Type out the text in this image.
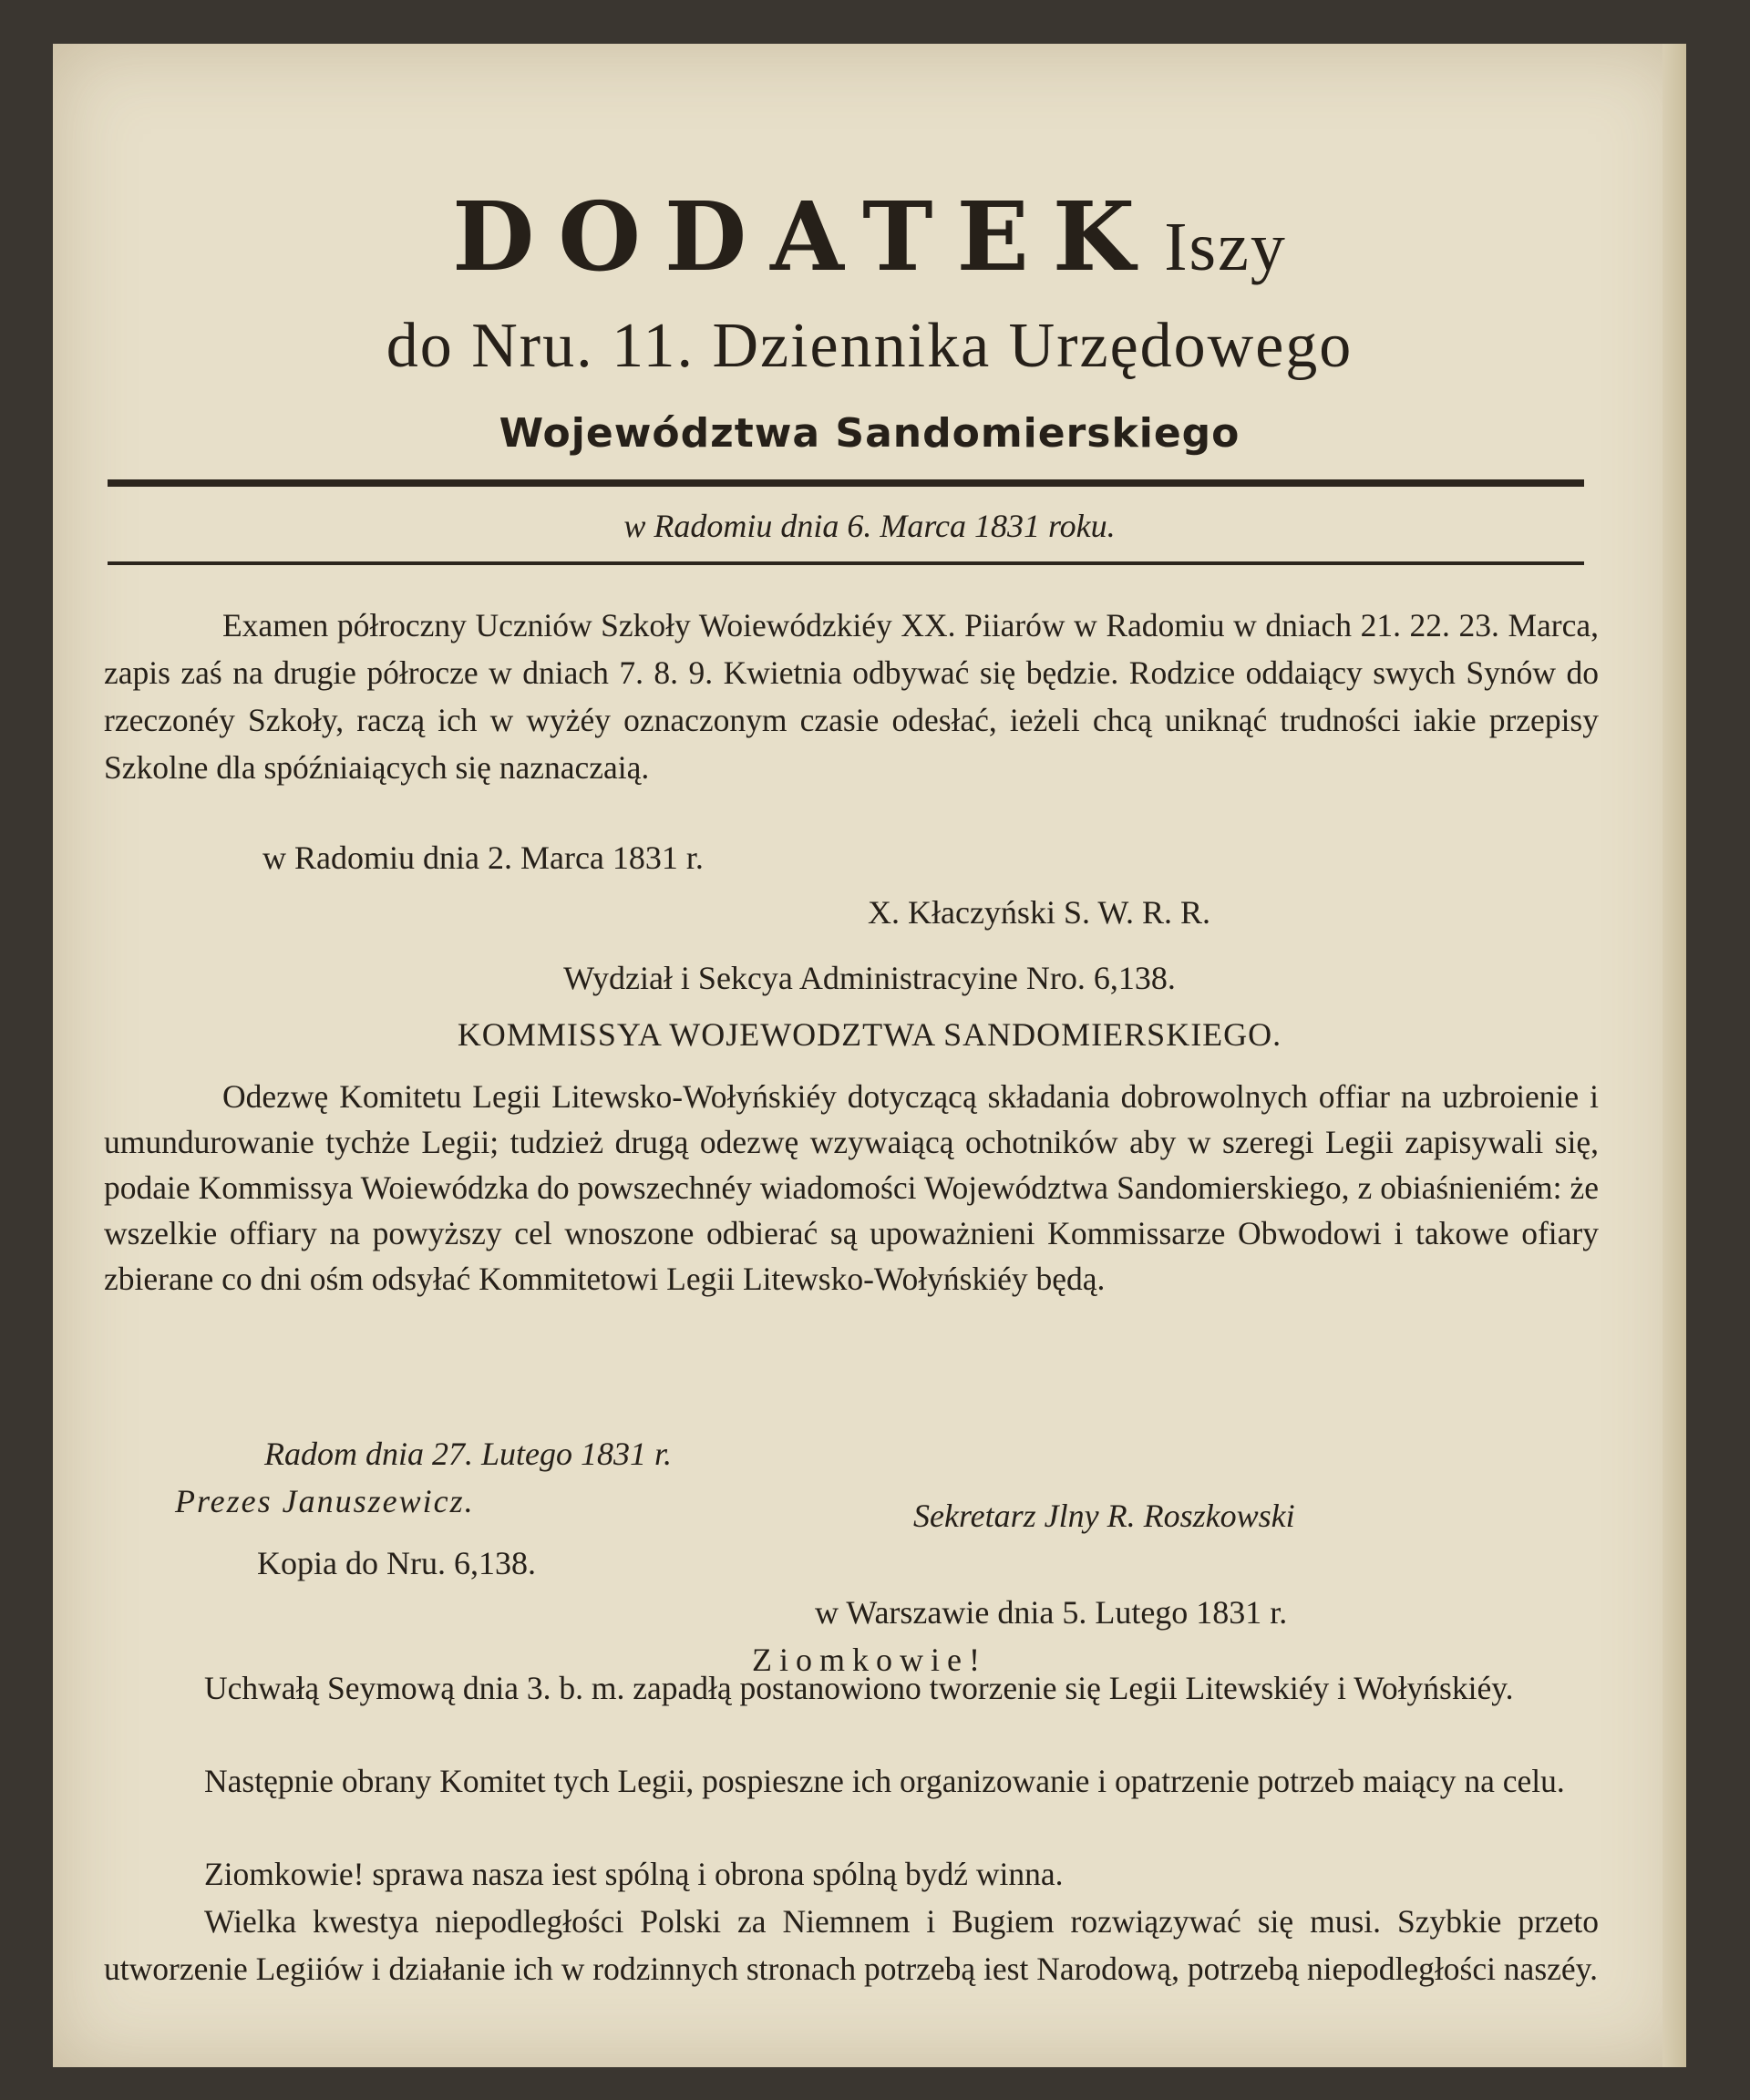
DODATEKIszy
do Nru. 11. Dziennika Urzędowego
Województwa Sandomierskiego
w Radomiu dnia 6. Marca 1831 roku.

Examen półroczny Uczniów Szkoły Woiewódzkiéy XX. Piiarów w Radomiu w dniach 21. 22. 23. Marca, zapis zaś na drugie półrocze w dniach 7. 8. 9. Kwietnia odbywać się będzie. Rodzice oddaiący swych Synów do rzeczonéy Szkoły, raczą ich w wyżéy oznaczonym czasie odesłać, ieżeli chcą uniknąć trudności iakie przepisy Szkolne dla spóźniaiących się naznaczaią.

w Radomiu dnia 2. Marca 1831 r.

X. Kłaczyński S. W. R. R.

Wydział i Sekcya Administracyine Nro. 6,138.

KOMMISSYA WOJEWODZTWA SANDOMIERSKIEGO.

Odezwę Komitetu Legii Litewsko-Wołyńskiéy dotyczącą składania dobrowolnych offiar na uzbroienie i umundurowanie tychże Legii; tudzież drugą odezwę wzywaiącą ochotników aby w szeregi Legii zapisywali się, podaie Kommissya Woiewódzka do powszechnéy wiadomości Województwa Sandomierskiego, z obiaśnieniém: że wszelkie offiary na powyższy cel wnoszone odbierać są upoważnieni Kommissarze Obwodowi i takowe ofiary zbierane co dni ośm odsyłać Kommitetowi Legii Litewsko-Wołyńskiéy będą.

Radom dnia 27. Lutego 1831 r.

Prezes Januszewicz.	Sekretarz Jlny R. Roszkowski

Kopia do Nru. 6,138.

w Warszawie dnia 5. Lutego 1831 r.

Ziomkowie!

Uchwałą Seymową dnia 3. b. m. zapadłą postanowiono tworzenie się Legii Litewskiéy i Wołyńskiéy.

Następnie obrany Komitet tych Legii, pospieszne ich organizowanie i opatrzenie potrzeb maiący na celu.

Ziomkowie! sprawa nasza iest spólną i obrona spólną bydź winna.

Wielka kwestya niepodległości Polski za Niemnem i Bugiem rozwiązywać się musi. Szybkie przeto utworzenie Legiiów i działanie ich w rodzinnych stronach potrzebą iest Narodową, potrzebą niepodległości naszéy.
